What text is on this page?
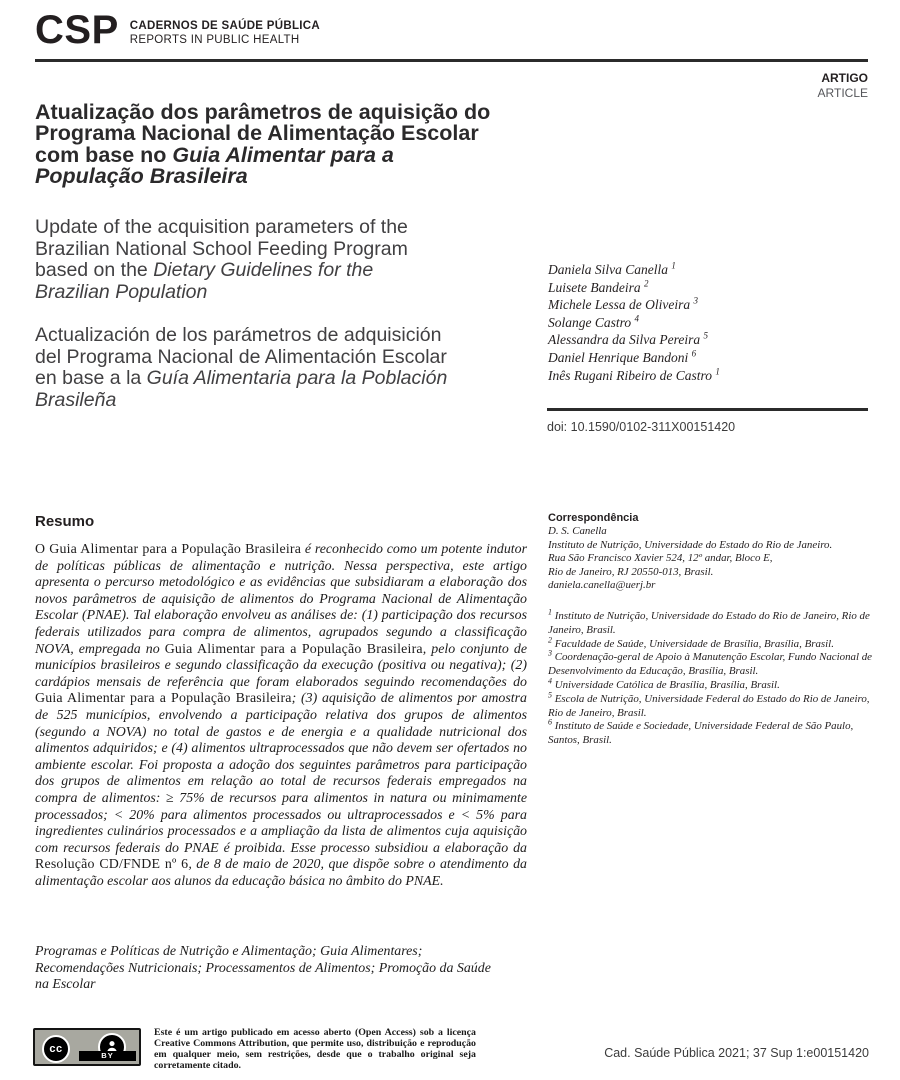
CSP CADERNOS DE SAÚDE PÚBLICA
REPORTS IN PUBLIC HEALTH
ARTIGO
ARTICLE
Atualização dos parâmetros de aquisição do
Programa Nacional de Alimentação Escolar
com base no Guia Alimentar para a
População Brasileira
Update of the acquisition parameters of the
Brazilian National School Feeding Program
based on the Dietary Guidelines for the
Brazilian Population
Actualización de los parámetros de adquisición
del Programa Nacional de Alimentación Escolar
en base a la Guía Alimentaria para la Población
Brasileña
Daniela Silva Canella $^1$
Luisete Bandeira $^2$
Michele Lessa de Oliveira $^3$
Solange Castro $^4$
Alessandra da Silva Pereira $^5$
Daniel Henrique Bandoni $^6$
Inês Rugani Ribeiro de Castro $^1$
doi: 10.1590/0102-311X00151420
Resumo
O Guia Alimentar para a População Brasileira é reconhecido como um potente indutor de políticas públicas de alimentação e nutrição. Nessa perspectiva, este artigo apresenta o percurso metodológico e as evidências que subsidiaram a elaboração dos novos parâmetros de aquisição de alimentos do Programa Nacional de Alimentação Escolar (PNAE). Tal elaboração envolveu as análises de: (1) participação dos recursos federais utilizados para compra de alimentos, agrupados segundo a classificação NOVA, empregada no Guia Alimentar para a População Brasileira, pelo conjunto de municípios brasileiros e segundo classificação da execução (positiva ou negativa); (2) cardápios mensais de referência que foram elaborados seguindo recomendações do Guia Alimentar para a População Brasileira; (3) aquisição de alimentos por amostra de 525 municípios, envolvendo a participação relativa dos grupos de alimentos (segundo a NOVA) no total de gastos e de energia e a qualidade nutricional dos alimentos adquiridos; e (4) alimentos ultraprocessados que não devem ser ofertados no ambiente escolar. Foi proposta a adoção dos seguintes parâmetros para participação dos grupos de alimentos em relação ao total de recursos federais empregados na compra de alimentos: ≥ 75% de recursos para alimentos in natura ou minimamente processados; < 20% para alimentos processados ou ultraprocessados e < 5% para ingredientes culinários processados e a ampliação da lista de alimentos cuja aquisição com recursos federais do PNAE é proibida. Esse processo subsidiou a elaboração da Resolução CD/FNDE nº 6, de 8 de maio de 2020, que dispõe sobre o atendimento da alimentação escolar aos alunos da educação básica no âmbito do PNAE.
Programas e Políticas de Nutrição e Alimentação; Guia Alimentares; Recomendações Nutricionais; Processamentos de Alimentos; Promoção da Saúde na Escolar
Correspondência
D. S. Canella
Instituto de Nutrição, Universidade do Estado do Rio de Janeiro.
Rua São Francisco Xavier 524, 12º andar, Bloco E,
Rio de Janeiro, RJ 20550-013, Brasil.
daniela.canella@uerj.br
$^1$ Instituto de Nutrição, Universidade do Estado do Rio de Janeiro, Rio de Janeiro, Brasil.
$^2$ Faculdade de Saúde, Universidade de Brasília, Brasília, Brasil.
$^3$ Coordenação-geral de Apoio à Manutenção Escolar, Fundo Nacional de Desenvolvimento da Educação, Brasília, Brasil.
$^4$ Universidade Católica de Brasília, Brasília, Brasil.
$^5$ Escola de Nutrição, Universidade Federal do Estado do Rio de Janeiro, Rio de Janeiro, Brasil.
$^6$ Instituto de Saúde e Sociedade, Universidade Federal de São Paulo, Santos, Brasil.
cc
BY
Este é um artigo publicado em acesso aberto (Open Access) sob a licença Creative Commons Attribution, que permite uso, distribuição e reprodução em qualquer meio, sem restrições, desde que o trabalho original seja corretamente citado.
Cad. Saúde Pública 2021; 37 Sup 1:e00151420
